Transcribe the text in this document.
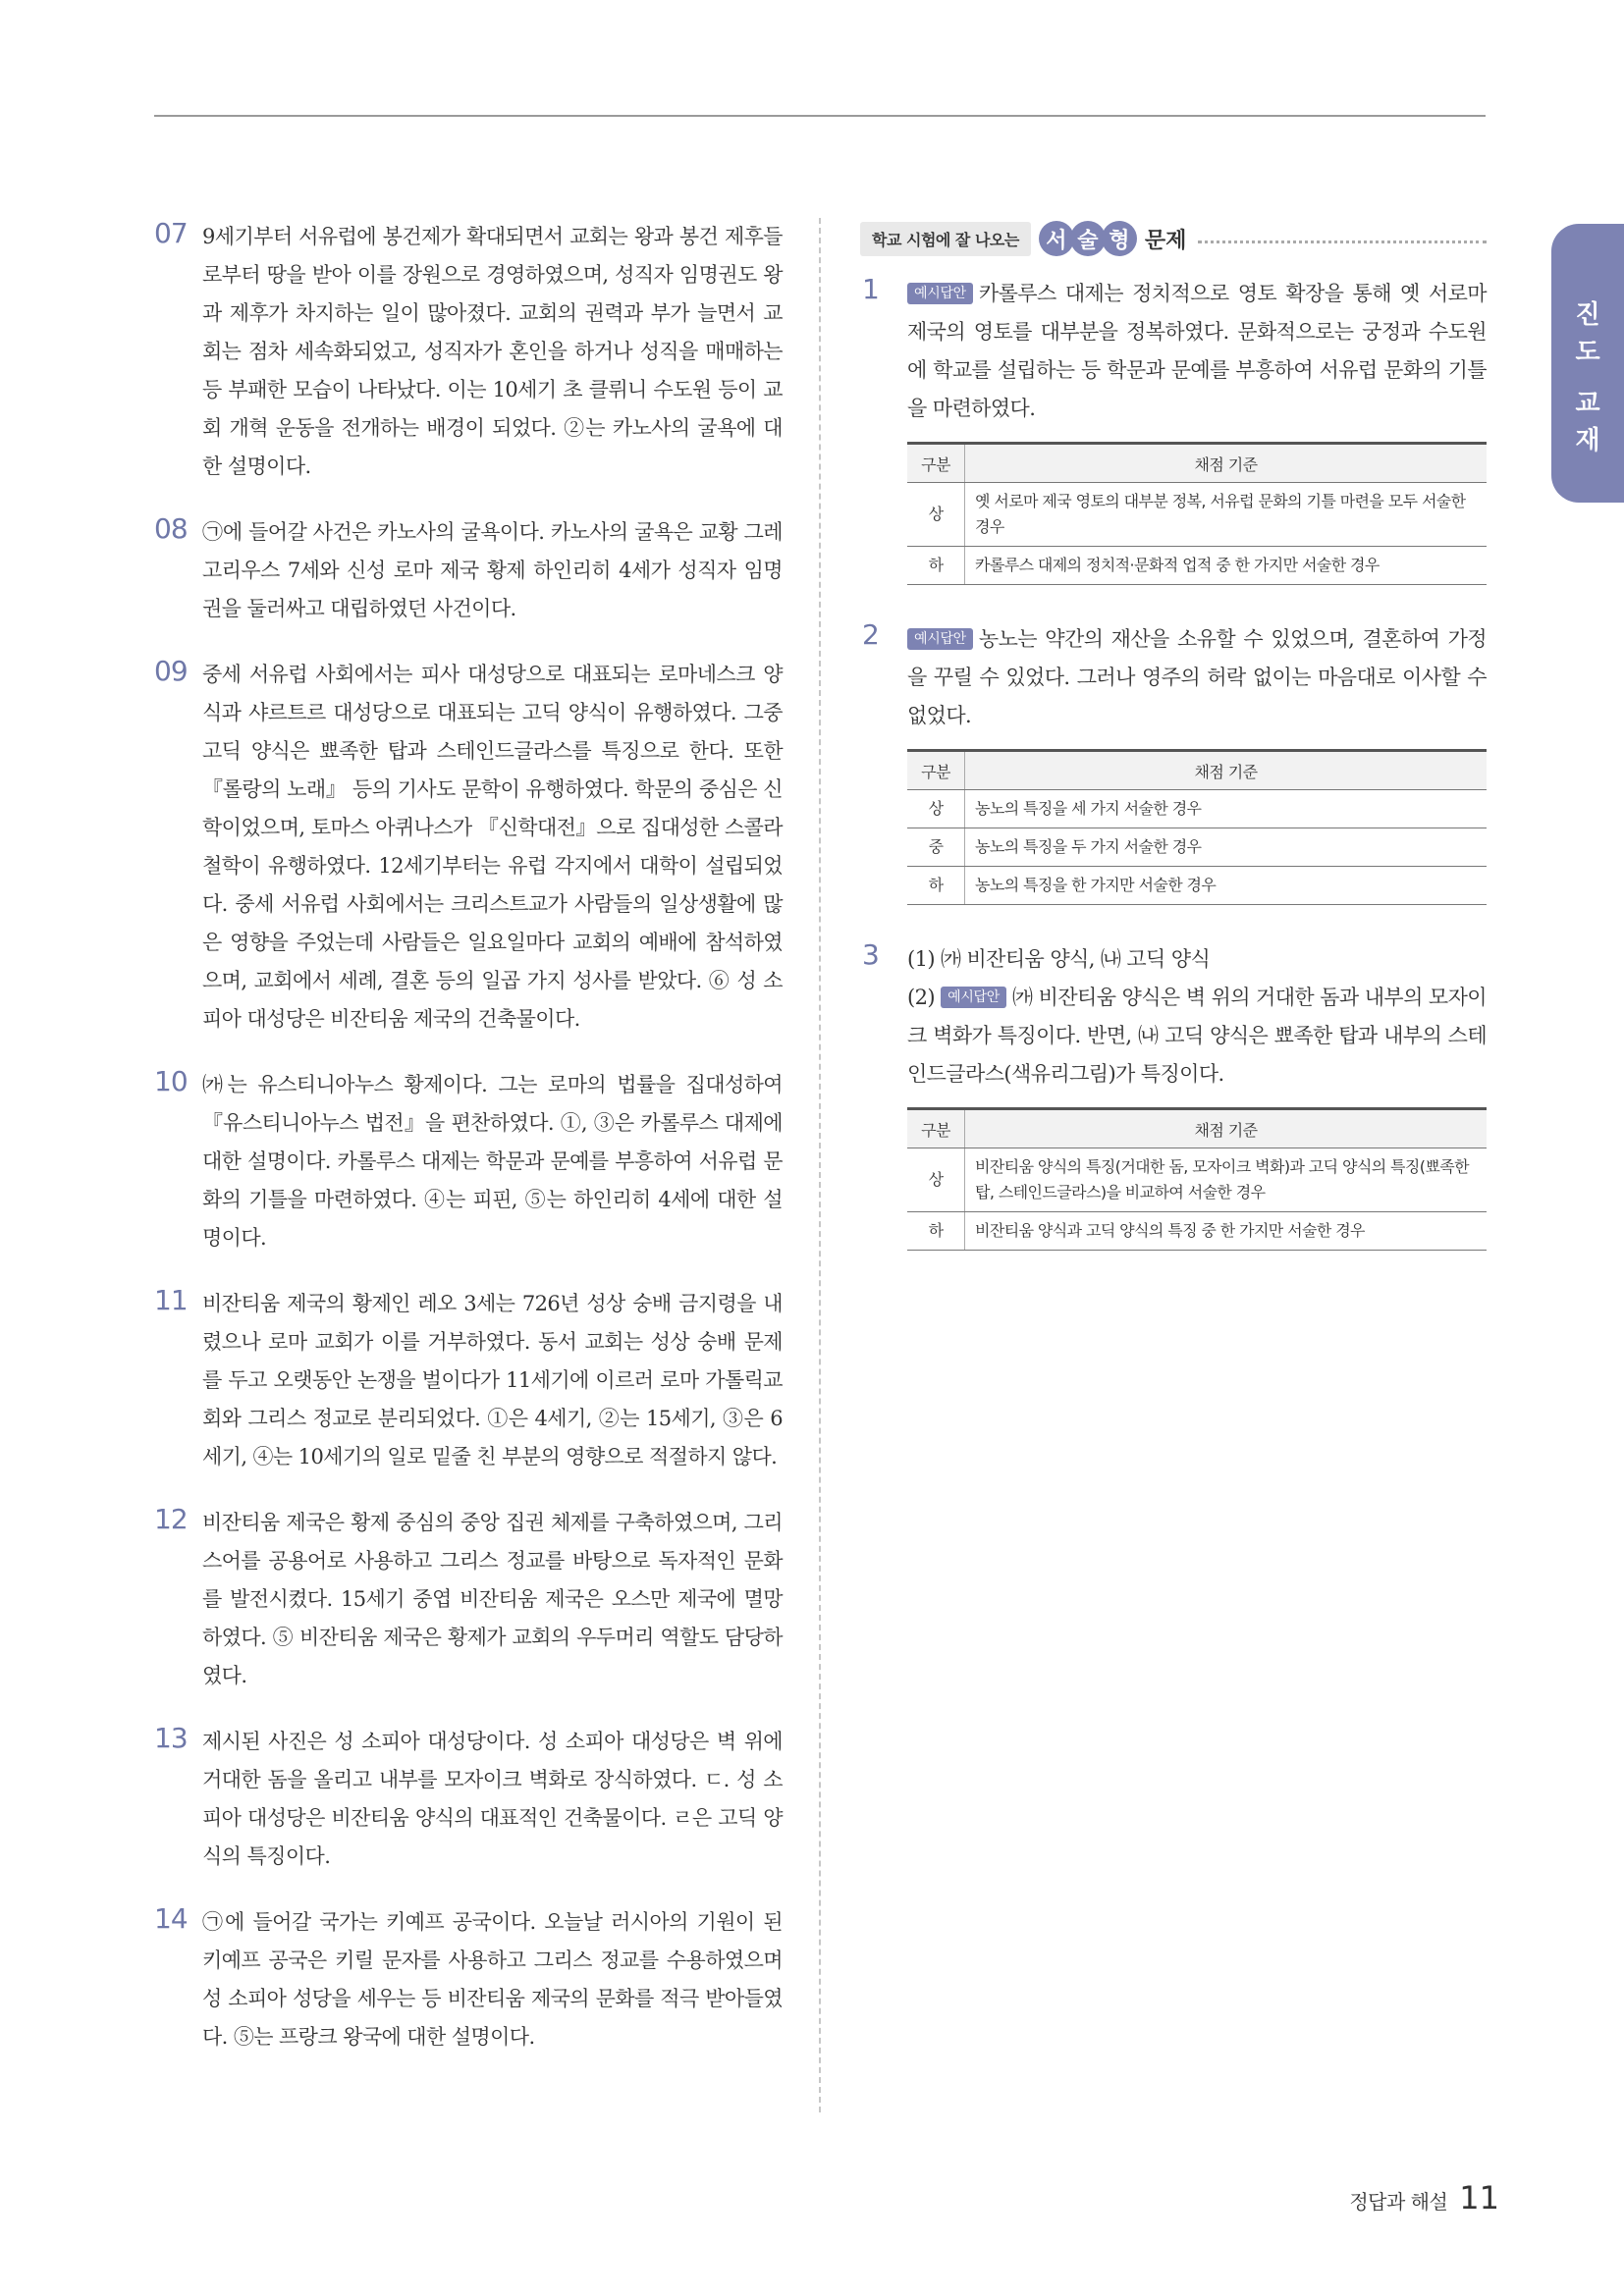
07 9세기부터 서유럽에 봉건제가 확대되면서 교회는 왕과 봉건 제후들로부터 땅을 받아 이를 장원으로 경영하였으며, 성직자 임명권도 왕과 제후가 차지하는 일이 많아졌다. 교회의 권력과 부가 늘면서 교회는 점차 세속화되었고, 성직자가 혼인을 하거나 성직을 매매하는 등 부패한 모습이 나타났다. 이는 10세기 초 클뤼니 수도원 등이 교회 개혁 운동을 전개하는 배경이 되었다. ②는 카노사의 굴욕에 대한 설명이다.

08 ㉠에 들어갈 사건은 카노사의 굴욕이다. 카노사의 굴욕은 교황 그레고리우스 7세와 신성 로마 제국 황제 하인리히 4세가 성직자 임명권을 둘러싸고 대립하였던 사건이다.

09 중세 서유럽 사회에서는 피사 대성당으로 대표되는 로마네스크 양식과 샤르트르 대성당으로 대표되는 고딕 양식이 유행하였다. 그중 고딕 양식은 뾰족한 탑과 스테인드글라스를 특징으로 한다. 또한 『롤랑의 노래』 등의 기사도 문학이 유행하였다. 학문의 중심은 신학이었으며, 토마스 아퀴나스가 『신학대전』으로 집대성한 스콜라 철학이 유행하였다. 12세기부터는 유럽 각지에서 대학이 설립되었다. 중세 서유럽 사회에서는 크리스트교가 사람들의 일상생활에 많은 영향을 주었는데 사람들은 일요일마다 교회의 예배에 참석하였으며, 교회에서 세례, 결혼 등의 일곱 가지 성사를 받았다. ⑥ 성 소피아 대성당은 비잔티움 제국의 건축물이다.

10 ㈎는 유스티니아누스 황제이다. 그는 로마의 법률을 집대성하여 『유스티니아누스 법전』을 편찬하였다. ①, ③은 카롤루스 대제에 대한 설명이다. 카롤루스 대제는 학문과 문예를 부흥하여 서유럽 문화의 기틀을 마련하였다. ④는 피핀, ⑤는 하인리히 4세에 대한 설명이다.

11 비잔티움 제국의 황제인 레오 3세는 726년 성상 숭배 금지령을 내렸으나 로마 교회가 이를 거부하였다. 동서 교회는 성상 숭배 문제를 두고 오랫동안 논쟁을 벌이다가 11세기에 이르러 로마 가톨릭교회와 그리스 정교로 분리되었다. ①은 4세기, ②는 15세기, ③은 6세기, ④는 10세기의 일로 밑줄 친 부분의 영향으로 적절하지 않다.

12 비잔티움 제국은 황제 중심의 중앙 집권 체제를 구축하였으며, 그리스어를 공용어로 사용하고 그리스 정교를 바탕으로 독자적인 문화를 발전시켰다. 15세기 중엽 비잔티움 제국은 오스만 제국에 멸망하였다. ⑤ 비잔티움 제국은 황제가 교회의 우두머리 역할도 담당하였다.

13 제시된 사진은 성 소피아 대성당이다. 성 소피아 대성당은 벽 위에 거대한 돔을 올리고 내부를 모자이크 벽화로 장식하였다. ㄷ. 성 소피아 대성당은 비잔티움 양식의 대표적인 건축물이다. ㄹ은 고딕 양식의 특징이다.

14 ㉠에 들어갈 국가는 키예프 공국이다. 오늘날 러시아의 기원이 된 키예프 공국은 키릴 문자를 사용하고 그리스 정교를 수용하였으며 성 소피아 성당을 세우는 등 비잔티움 제국의 문화를 적극 받아들였다. ⑤는 프랑크 왕국에 대한 설명이다.

학교 시험에 잘 나오는	서 술 형 문제
1	예시답안 카롤루스 대제는 정치적으로 영토 확장을 통해 옛 서로마 제국의 영토를 대부분을 정복하였다. 문화적으로는 궁정과 수도원에 학교를 설립하는 등 학문과 문예를 부흥하여 서유럽 문화의 기틀을 마련하였다.

구분	채점 기준
상	옛 서로마 제국 영토의 대부분 정복, 서유럽 문화의 기틀 마련을 모두 서술한 경우
하	카롤루스 대제의 정치적·문화적 업적 중 한 가지만 서술한 경우
2	예시답안 농노는 약간의 재산을 소유할 수 있었으며, 결혼하여 가정을 꾸릴 수 있었다. 그러나 영주의 허락 없이는 마음대로 이사할 수 없었다.

구분	채점 기준
상	농노의 특징을 세 가지 서술한 경우
중	농노의 특징을 두 가지 서술한 경우
하	농노의 특징을 한 가지만 서술한 경우
3 (1) ㈎ 비잔티움 양식, ㈏ 고딕 양식

(2) 예시답안 ㈎ 비잔티움 양식은 벽 위의 거대한 돔과 내부의 모자이크 벽화가 특징이다. 반면, ㈏ 고딕 양식은 뾰족한 탑과 내부의 스테인드글라스(색유리그림)가 특징이다.

구분	채점 기준
상	비잔티움 양식의 특징(거대한 돔, 모자이크 벽화)과 고딕 양식의 특징(뾰족한 탑, 스테인드글라스)을 비교하여 서술한 경우
하	비잔티움 양식과 고딕 양식의 특징 중 한 가지만 서술한 경우
진
도
교
재
정답과 해설 11
